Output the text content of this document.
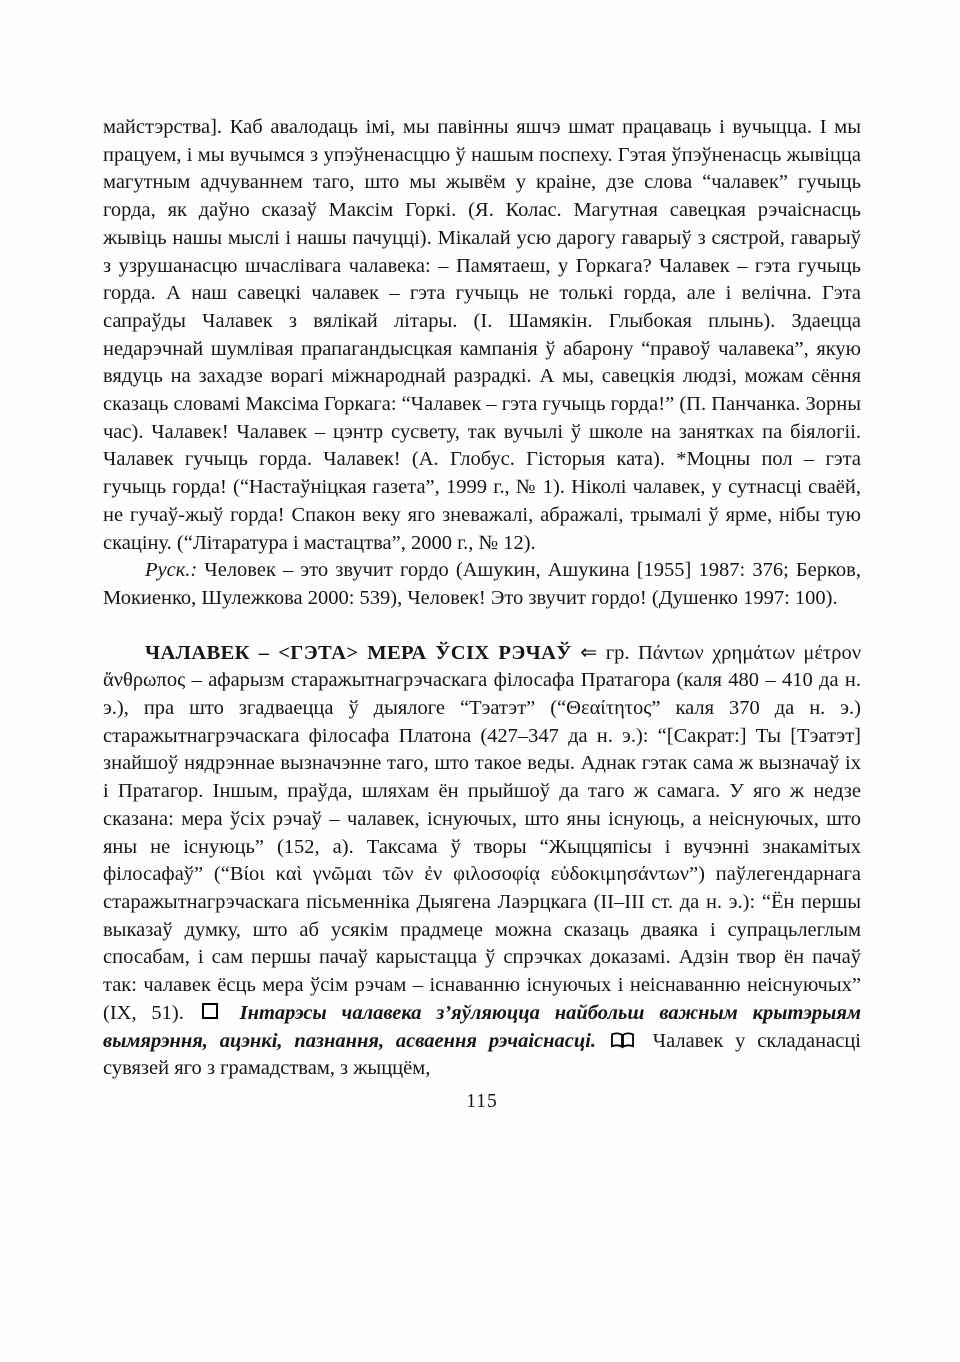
майстэрства]. Каб авалодаць імі, мы павінны яшчэ шмат працаваць і вучыцца. І мы працуем, і мы вучымся з упэўненасццю ў нашым поспеху. Гэтая ўпэўненасць жывіцца магутным адчуваннем таго, што мы жывём у краіне, дзе слова “чалавек” гучыць горда, як даўно сказаў Максім Горкі. (Я. Колас. Магутная савецкая рэчаіснасць жывіць нашы мыслі і нашы пачуцці). Мікалай усю дарогу гаварыў з сястрой, гаварыў з узрушанасцю шчаслівага чалавека: – Памятаеш, у Горкага? Чалавек – гэта гучыць горда. А наш савецкі чалавек – гэта гучыць не толькі горда, але і велічна. Гэта сапраўды Чалавек з вялікай літары. (І. Шамякін. Глыбокая плынь). Здаецца недарэчнай шумлівая прапагандысцкая кампанія ў абарону “правоў чалавека”, якую вядуць на захадзе ворагі міжнароднай разрадкі. А мы, савецкія людзі, можам сёння сказаць словамі Максіма Горкага: “Чалавек – гэта гучыць горда!” (П. Панчанка. Зорны час). Чалавек! Чалавек – цэнтр сусвету, так вучылі ў школе на занятках па біялогіі. Чалавек гучыць горда. Чалавек! (А. Глобус. Гісторыя ката). *Моцны пол – гэта гучыць горда! (“Настаўніцкая газета”, 1999 г., № 1). Ніколі чалавек, у сутнасці сваёй, не гучаў-жыў горда! Спакон веку яго зневажалі, абражалі, трымалі ў ярме, нібы тую скаціну. (“Літаратура і мастацтва”, 2000 г., № 12).

Руск.: Человек – это звучит гордо (Ашукин, Ашукина [1955] 1987: 376; Берков, Мокиенко, Шулежкова 2000: 539), Человек! Это звучит гордо! (Душенко 1997: 100).

ЧАЛАВЕК – <ГЭТА> МЕРА ЎСІХ РЭЧАЎ ⇐ гр. Πάντων χρημάτων μέτρον ἄνθρωπος – афарызм старажытнагрэчаскага філосафа Пратагора (каля 480 – 410 да н. э.), пра што згадваецца ў дыялоге “Тэатэт” (“Θεαίτητος” каля 370 да н. э.) старажытнагрэчаскага філосафа Платона (427–347 да н. э.): “[Сакрат:] Ты [Тэатэт] знайшоў нядрэннае вызначэнне таго, што такое веды. Аднак гэтак сама ж вызначаў іх і Пратагор. Іншым, праўда, шляхам ён прыйшоў да таго ж самага. У яго ж недзе сказана: мера ўсіх рэчаў – чалавек, існуючых, што яны існуюць, а неіснуючых, што яны не існуюць” (152, а). Таксама ў творы “Жыццяпісы і вучэнні знакамітых філосафаў” (“Βίοι καὶ γνῶμαι τῶν ἐν φιλοσοφίᾳ εὐδοκιμησάντων”) паўлегендарнага старажытнагрэчаскага пісьменніка Дыягена Лаэрцкага (II–III ст. да н. э.): “Ён першы выказаў думку, што аб усякім прадмеце можна сказаць дваяка і супрацьлеглым спосабам, і сам першы пачаў карыстацца ў спрэчках доказамі. Адзін твор ён пачаў так: чалавек ёсць мера ўсім рэчам – існаванню існуючых і неіснаванню неіснуючых” (IX, 51).	Інтарэсы чалавека з’яўляюцца найбольш важным крытэрыям вымярэння, ацэнкі, пазнання, асваення рэчаіснасці.	Чалавек у складанасці сувязей яго з грамадствам, з жыццём,

115
